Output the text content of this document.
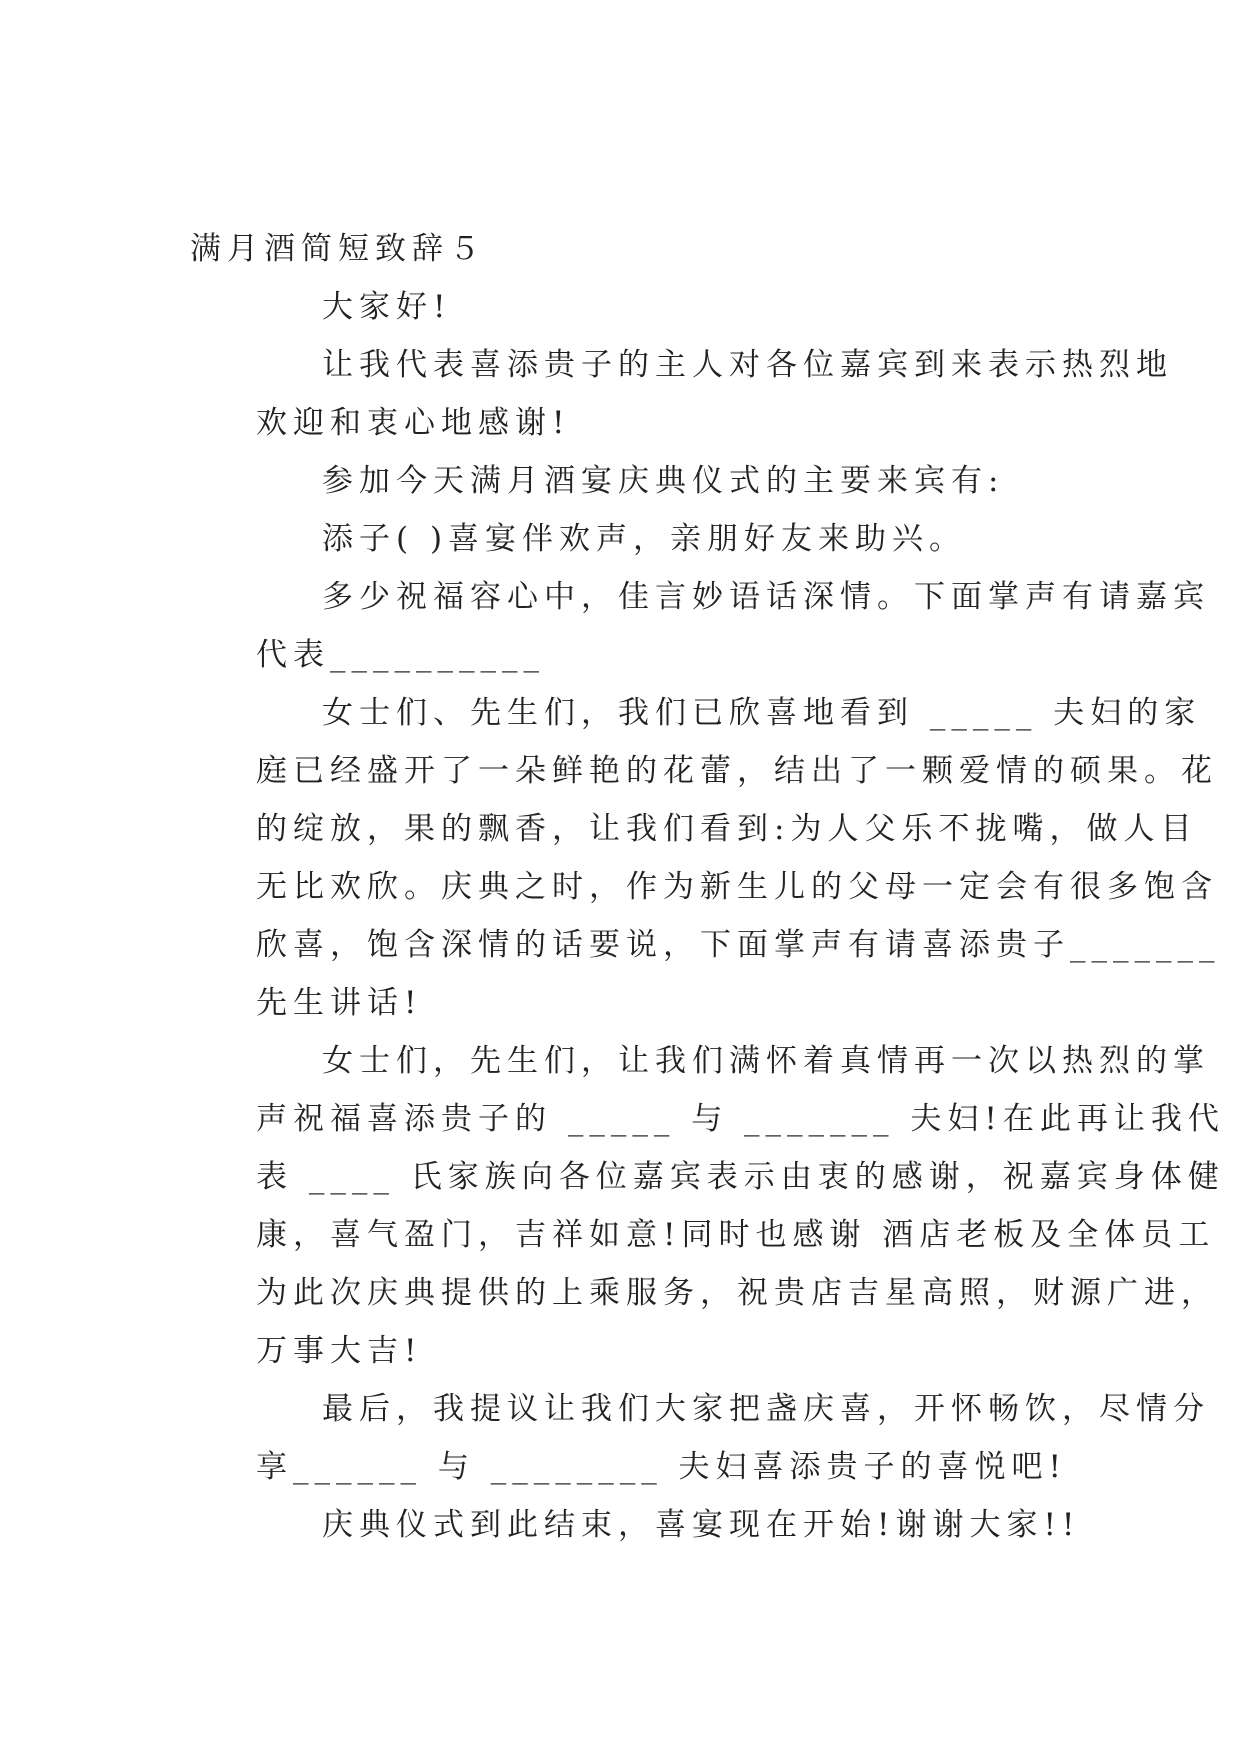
满月酒简短致辞５
大家好!
让我代表喜添贵子的主人对各位嘉宾到来表示热烈地
欢迎和衷心地感谢!
参加今天满月酒宴庆典仪式的主要来宾有:
添子( )喜宴伴欢声，亲朋好友来助兴。
多少祝福容心中，佳言妙语话深情。下面掌声有请嘉宾
代表__________
女士们、先生们，我们已欣喜地看到 _____ 夫妇的家
庭已经盛开了一朵鲜艳的花蕾，结出了一颗爱情的硕果。花
的绽放，果的飘香，让我们看到:为人父乐不拢嘴，做人目
无比欢欣。庆典之时，作为新生儿的父母一定会有很多饱含
欣喜，饱含深情的话要说，下面掌声有请喜添贵子_______
先生讲话!
女士们，先生们，让我们满怀着真情再一次以热烈的掌
声祝福喜添贵子的 _____ 与 _______ 夫妇!在此再让我代
表 ____ 氏家族向各位嘉宾表示由衷的感谢，祝嘉宾身体健
康，喜气盈门，吉祥如意!同时也感谢 酒店老板及全体员工
为此次庆典提供的上乘服务，祝贵店吉星高照，财源广进，
万事大吉!
最后，我提议让我们大家把盏庆喜，开怀畅饮，尽情分
享______ 与 ________ 夫妇喜添贵子的喜悦吧!
庆典仪式到此结束，喜宴现在开始!谢谢大家!!
